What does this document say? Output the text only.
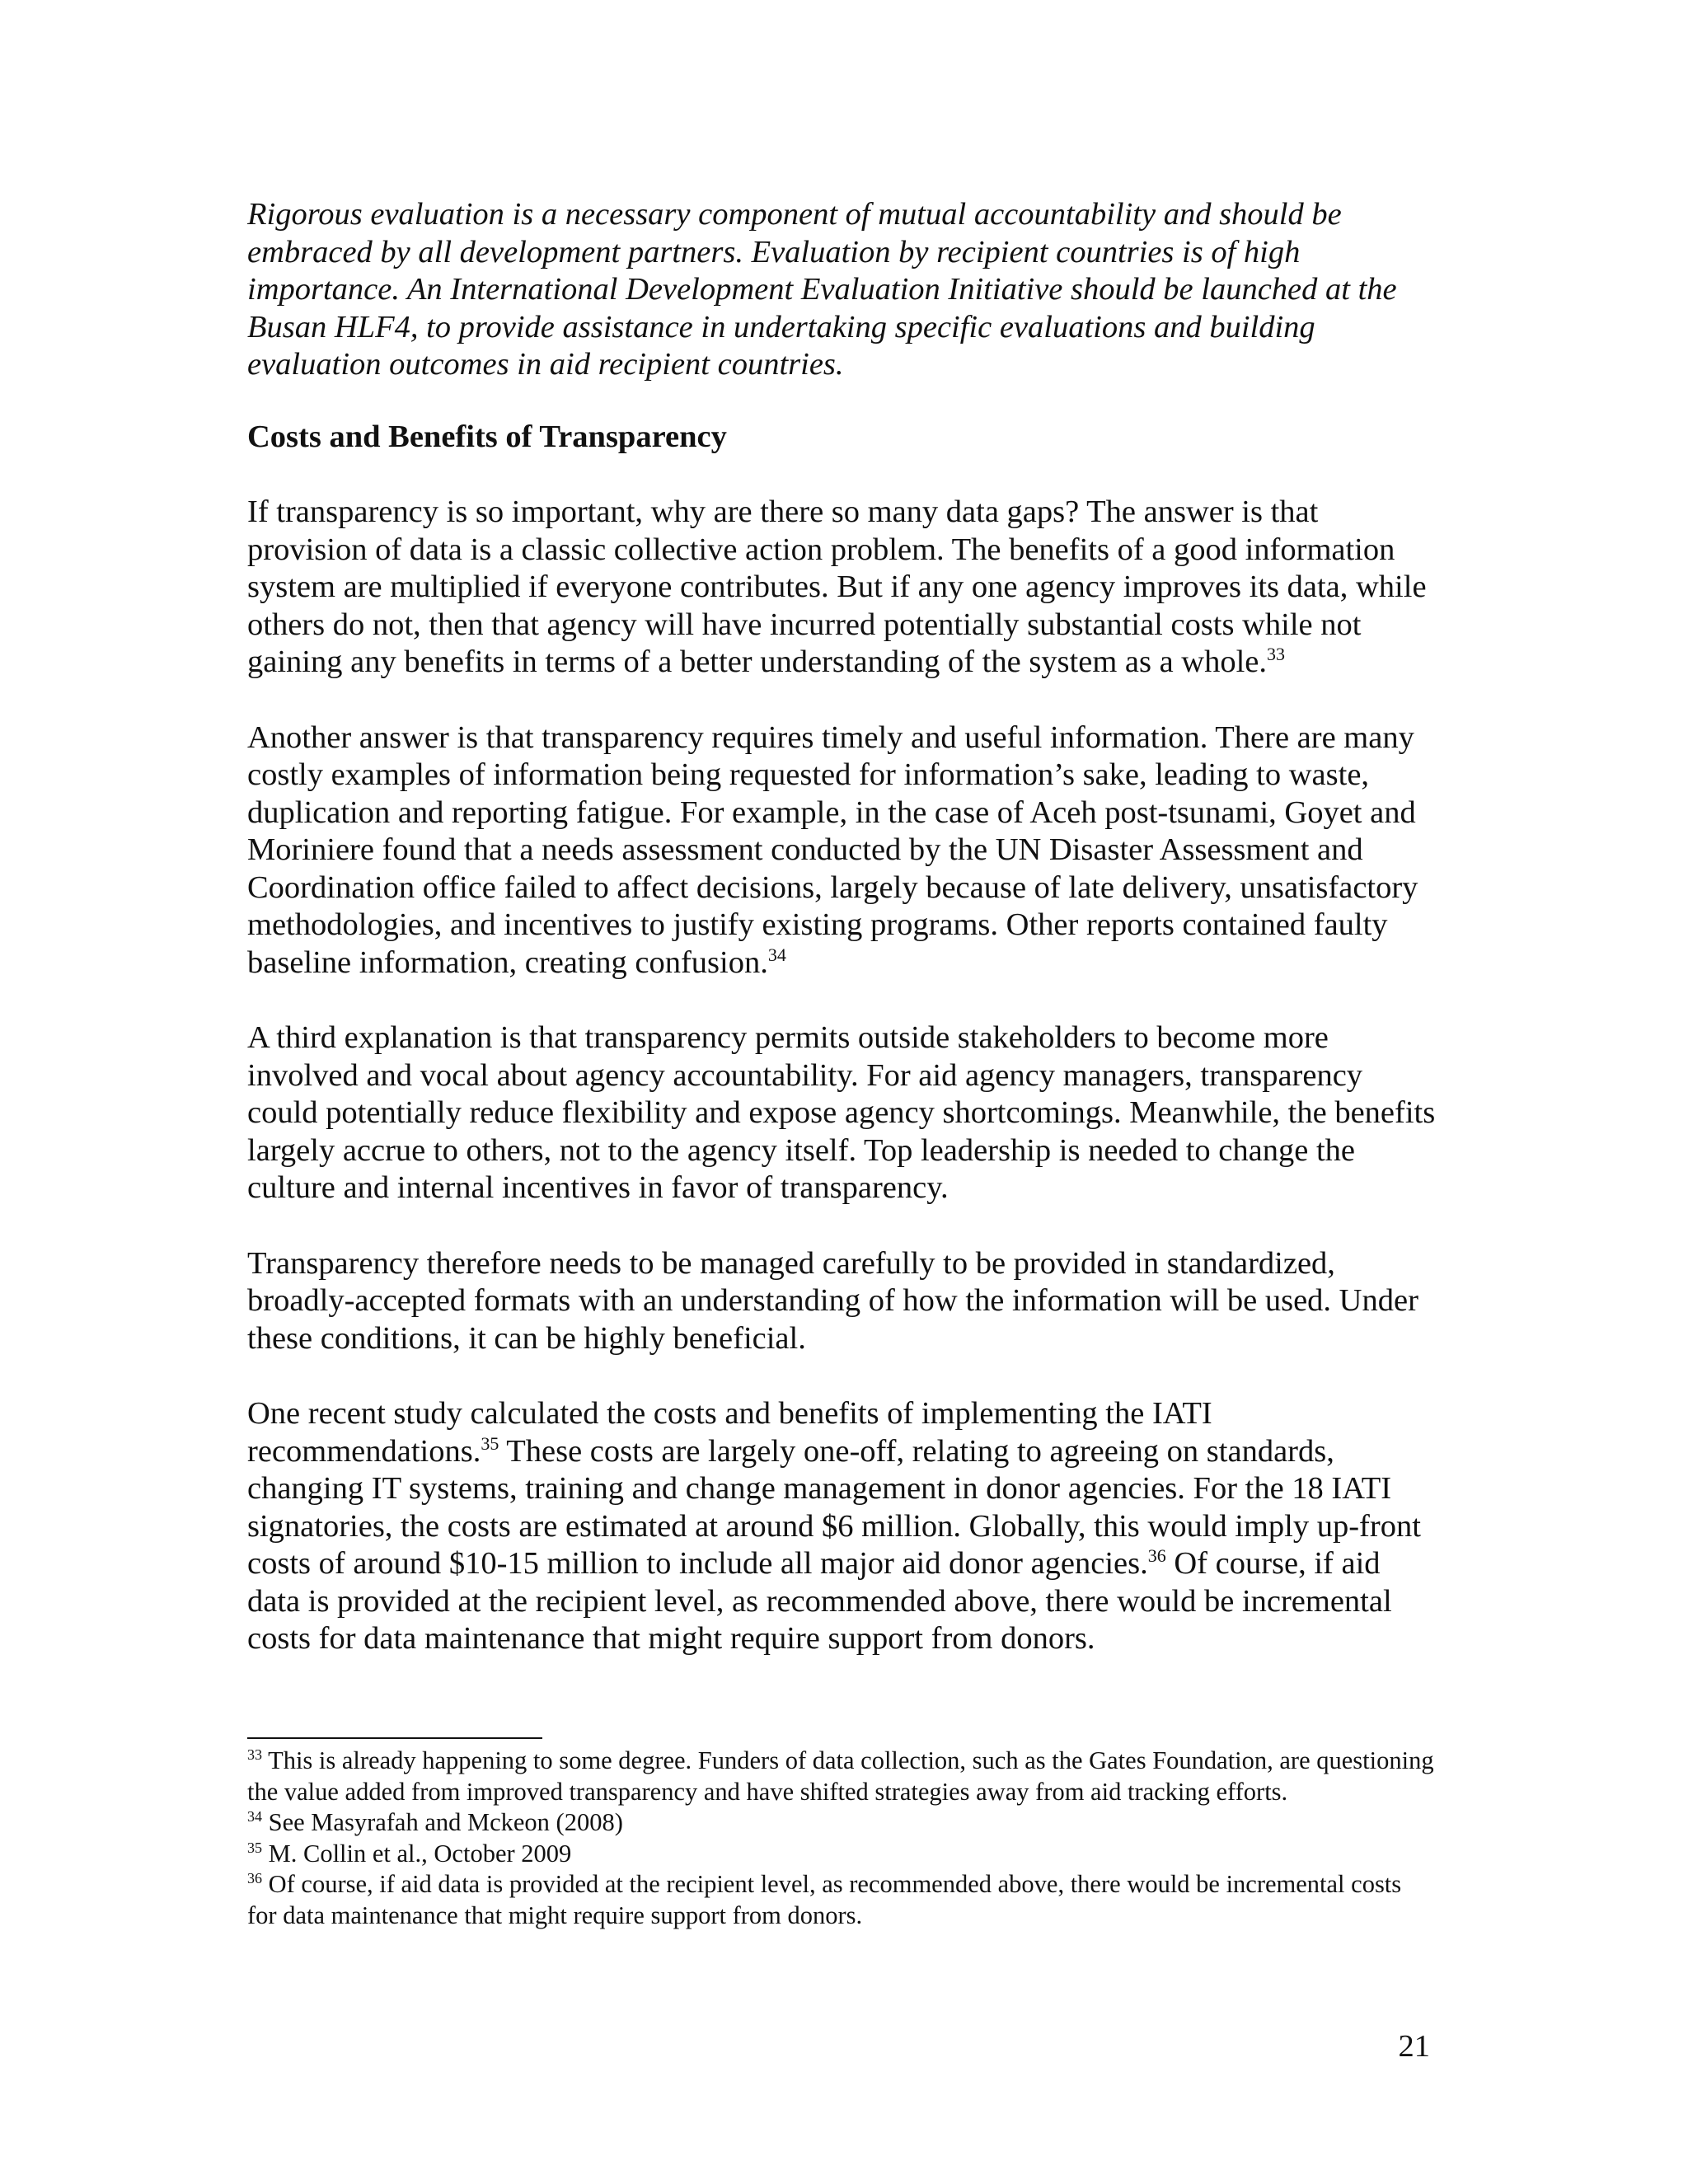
Rigorous evaluation is a necessary component of mutual accountability and should be embraced by all development partners. Evaluation by recipient countries is of high importance. An International Development Evaluation Initiative should be launched at the Busan HLF4, to provide assistance in undertaking specific evaluations and building evaluation outcomes in aid recipient countries.

Costs and Benefits of Transparency

If transparency is so important, why are there so many data gaps? The answer is that provision of data is a classic collective action problem. The benefits of a good information system are multiplied if everyone contributes. But if any one agency improves its data, while others do not, then that agency will have incurred potentially substantial costs while not gaining any benefits in terms of a better understanding of the system as a whole.$^{33}$

Another answer is that transparency requires timely and useful information. There are many costly examples of information being requested for information’s sake, leading to waste, duplication and reporting fatigue. For example, in the case of Aceh post-tsunami, Goyet and Moriniere found that a needs assessment conducted by the UN Disaster Assessment and Coordination office failed to affect decisions, largely because of late delivery, unsatisfactory methodologies, and incentives to justify existing programs. Other reports contained faulty baseline information, creating confusion.$^{34}$

A third explanation is that transparency permits outside stakeholders to become more involved and vocal about agency accountability. For aid agency managers, transparency could potentially reduce flexibility and expose agency shortcomings. Meanwhile, the benefits largely accrue to others, not to the agency itself. Top leadership is needed to change the culture and internal incentives in favor of transparency.

Transparency therefore needs to be managed carefully to be provided in standardized, broadly-accepted formats with an understanding of how the information will be used. Under these conditions, it can be highly beneficial.

One recent study calculated the costs and benefits of implementing the IATI recommendations.$^{35}$ These costs are largely one-off, relating to agreeing on standards, changing IT systems, training and change management in donor agencies. For the 18 IATI signatories, the costs are estimated at around $6 million. Globally, this would imply up-front costs of around $10-15 million to include all major aid donor agencies.$^{36}$ Of course, if aid data is provided at the recipient level, as recommended above, there would be incremental costs for data maintenance that might require support from donors.

$^{33}$ This is already happening to some degree. Funders of data collection, such as the Gates Foundation, are questioning the value added from improved transparency and have shifted strategies away from aid tracking efforts.

$^{34}$ See Masyrafah and Mckeon (2008)

$^{35}$ M. Collin et al., October 2009

$^{36}$ Of course, if aid data is provided at the recipient level, as recommended above, there would be incremental costs for data maintenance that might require support from donors.

21
